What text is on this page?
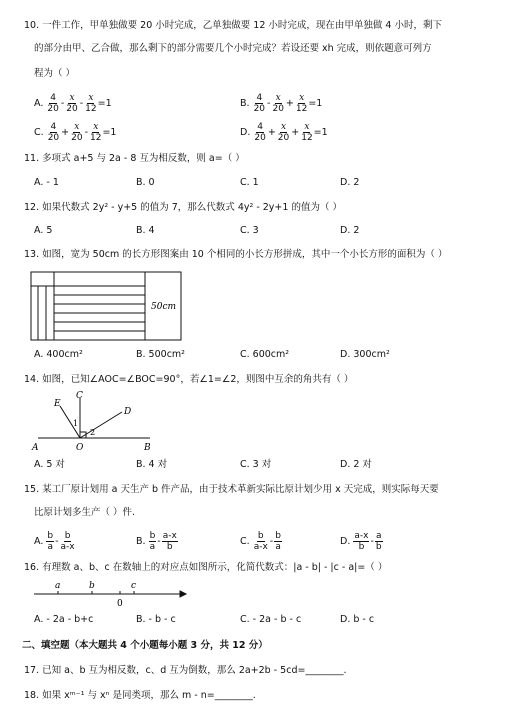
10. 一件工作，甲单独做要 20 小时完成，乙单独做要 12 小时完成，现在由甲单独做 4 小时，剩下
的部分由甲、乙合做，那么剩下的部分需要几个小时完成？若设还要 xh 完成，则依题意可列方
程为（ ）
A. $\frac{4}{20} - \frac{x}{20} - \frac{x}{12} =1$	B. $\frac{4}{20} - \frac{x}{20} + \frac{x}{12} =1$
C. $\frac{4}{20} + \frac{x}{20} - \frac{x}{12} =1$	D. $\frac{4}{20} + \frac{x}{20} + \frac{x}{12} =1$
11. 多项式 a+5 与 2a - 8 互为相反数，则 a=（ ）
A. - 1	B. 0	C. 1	D. 2
12. 如果代数式 2y² - y+5 的值为 7，那么代数式 4y² - 2y+1 的值为（ ）
A. 5	B. 4	C. 3	D. 2
13. 如图，宽为 50cm 的长方形图案由 10 个相同的小长方形拼成，其中一个小长方形的面积为（ ）
50cm
A. 400cm²	B. 500cm²	C. 600cm²	D. 300cm²
14. 如图，已知∠AOC=∠BOC=90°，若∠1=∠2，则图中互余的角共有（ ）
A	B
C
D
E
O
1
2
A. 5 对	B. 4 对	C. 3 对	D. 2 对
15. 某工厂原计划用 a 天生产 b 件产品，由于技术革新实际比原计划少用 x 天完成，则实际每天要
比原计划多生产（ ）件.
A. $\frac{b}{a} - \frac{b}{a-x}$	B. $\frac{b}{a} - \frac{a-x}{b}$	C. $\frac{b}{a-x} - \frac{b}{a}$	D. $\frac{a-x}{b} - \frac{a}{b}$
16. 有理数 a、b、c 在数轴上的对应点如图所示，化简代数式：|a - b| - |c - a|=（ ）
a	b	c
0
A. - 2a - b+c	B. - b - c	C. - 2a - b - c	D. b - c
二、填空题（本大题共 4 个小题每小题 3 分，共 12 分）
17. 已知 a、b 互为相反数，c、d 互为倒数，那么 2a+2b - 5cd=________.
18. 如果 xᵐ⁻¹ 与 xⁿ 是同类项，那么 m - n=________.
